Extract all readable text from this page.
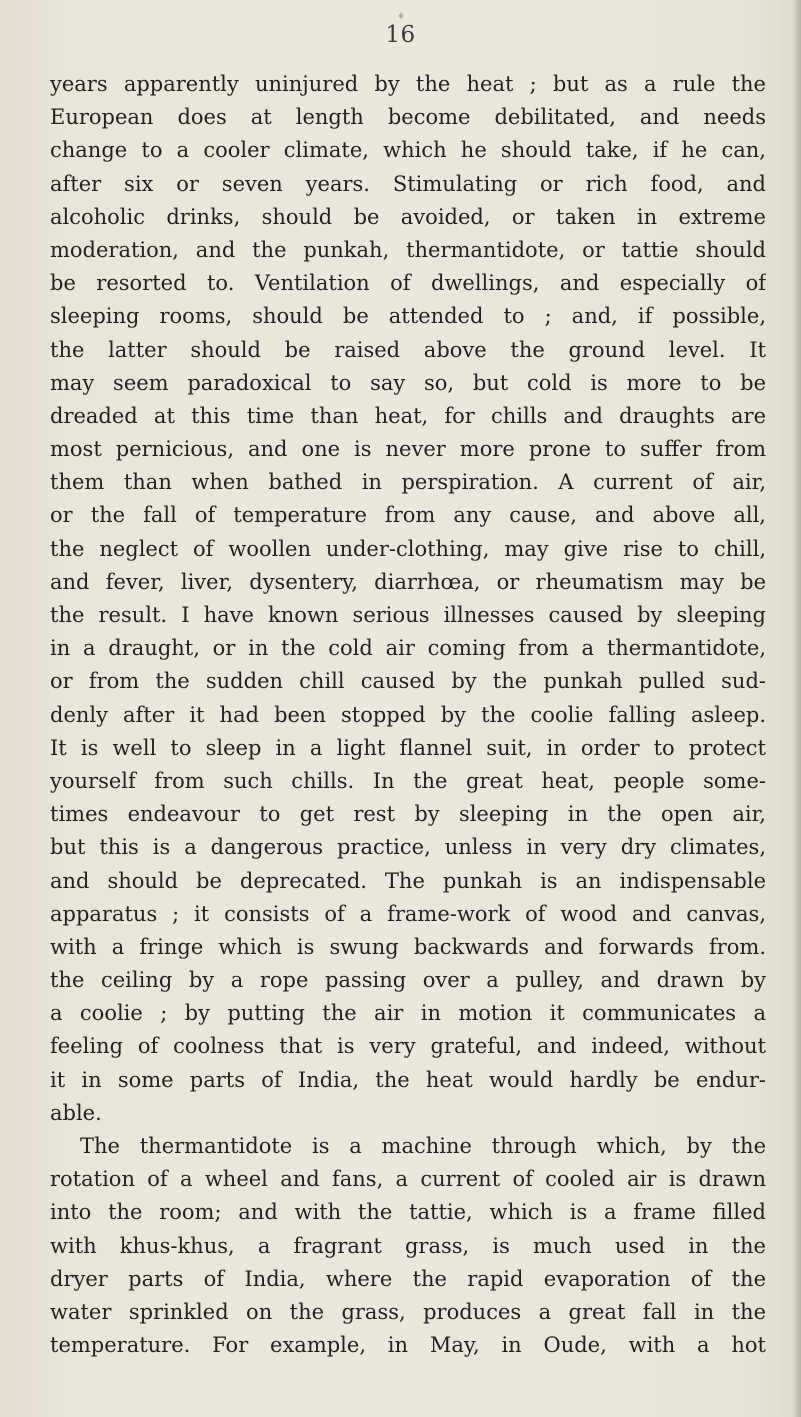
♦
16
years apparently uninjured by the heat ; but as a rule the
European does at length become debilitated, and needs
change to a cooler climate, which he should take, if he can,
after six or seven years. Stimulating or rich food, and
alcoholic drinks, should be avoided, or taken in extreme
moderation, and the punkah, thermantidote, or tattie should
be resorted to. Ventilation of dwellings, and especially of
sleeping rooms, should be attended to ; and, if possible,
the latter should be raised above the ground level. It
may seem paradoxical to say so, but cold is more to be
dreaded at this time than heat, for chills and draughts are
most pernicious, and one is never more prone to suffer from
them than when bathed in perspiration. A current of air,
or the fall of temperature from any cause, and above all,
the neglect of woollen under-clothing, may give rise to chill,
and fever, liver, dysentery, diarrhœa, or rheumatism may be
the result. I have known serious illnesses caused by sleeping
in a draught, or in the cold air coming from a thermantidote,
or from the sudden chill caused by the punkah pulled sud-
denly after it had been stopped by the coolie falling asleep.
It is well to sleep in a light flannel suit, in order to protect
yourself from such chills. In the great heat, people some-
times endeavour to get rest by sleeping in the open air,
but this is a dangerous practice, unless in very dry climates,
and should be deprecated. The punkah is an indispensable
apparatus ; it consists of a frame-work of wood and canvas,
with a fringe which is swung backwards and forwards from.
the ceiling by a rope passing over a pulley, and drawn by
a coolie ; by putting the air in motion it communicates a
feeling of coolness that is very grateful, and indeed, without
it in some parts of India, the heat would hardly be endur-
able.
The thermantidote is a machine through which, by the
rotation of a wheel and fans, a current of cooled air is drawn
into the room; and with the tattie, which is a frame filled
with khus-khus, a fragrant grass, is much used in the
dryer parts of India, where the rapid evaporation of the
water sprinkled on the grass, produces a great fall in the
temperature. For example, in May, in Oude, with a hot
